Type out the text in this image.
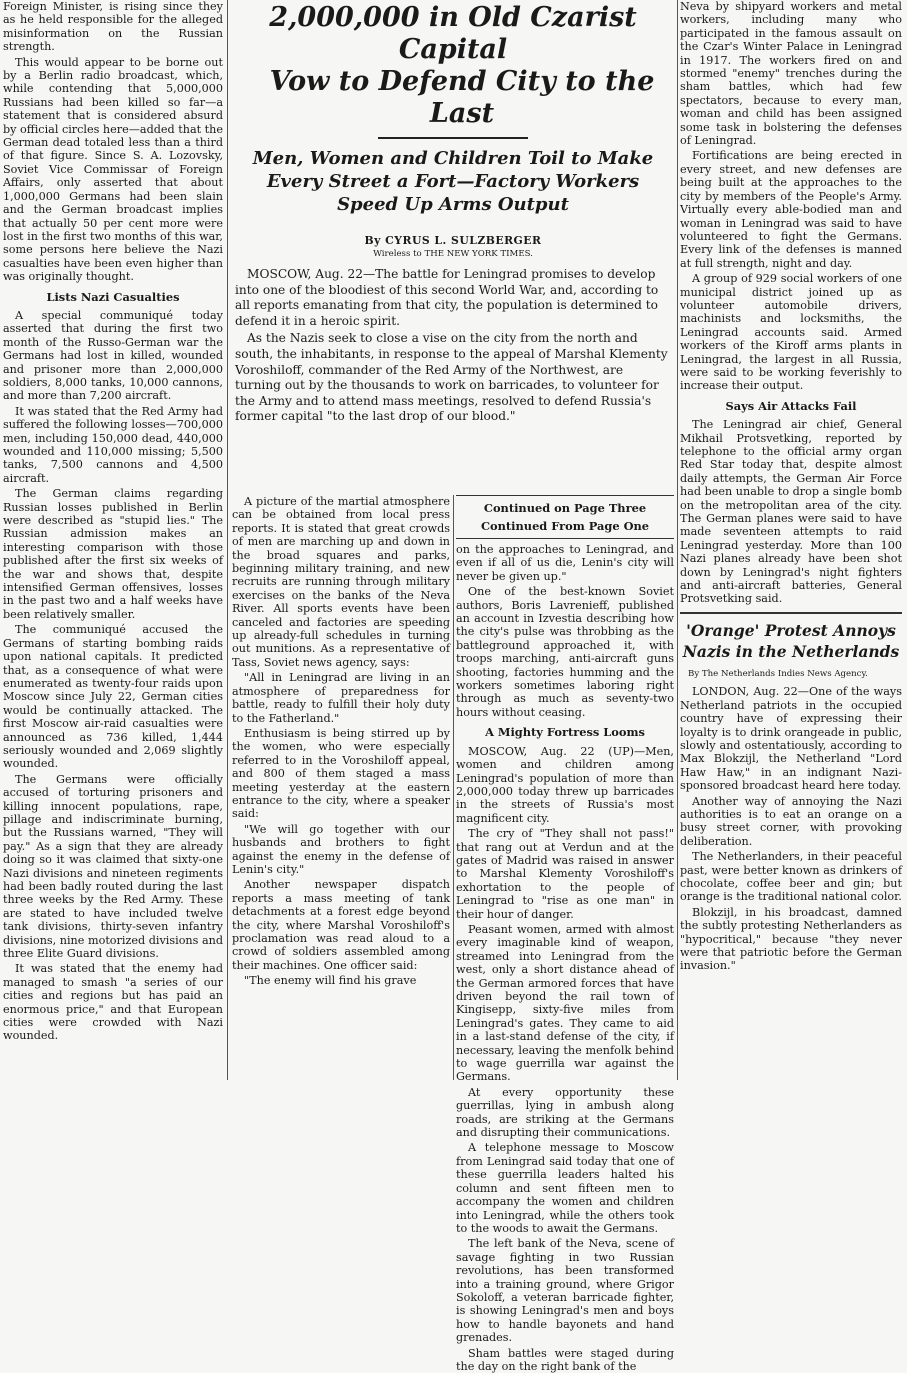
Foreign Minister, is rising since they as he held responsible for the alleged misinformation on the Russian strength.

This would appear to be borne out by a Berlin radio broadcast, which, while contending that 5,000,000 Russians had been killed so far—a statement that is considered absurd by official circles here—added that the German dead totaled less than a third of that figure. Since S. A. Lozovsky, Soviet Vice Commissar of Foreign Affairs, only asserted that about 1,000,000 Germans had been slain and the German broadcast implies that actually 50 per cent more were lost in the first two months of this war, some persons here believe the Nazi casualties have been even higher than was originally thought.

Lists Nazi Casualties

A special communiqué today asserted that during the first two month of the Russo-German war the Germans had lost in killed, wounded and prisoner more than 2,000,000 soldiers, 8,000 tanks, 10,000 cannons, and more than 7,200 aircraft.

It was stated that the Red Army had suffered the following losses—700,000 men, including 150,000 dead, 440,000 wounded and 110,000 missing; 5,500 tanks, 7,500 cannons and 4,500 aircraft.

The German claims regarding Russian losses published in Berlin were described as "stupid lies." The Russian admission makes an interesting comparison with those published after the first six weeks of the war and shows that, despite intensified German offensives, losses in the past two and a half weeks have been relatively smaller.

The communiqué accused the Germans of starting bombing raids upon national capitals. It predicted that, as a consequence of what were enumerated as twenty-four raids upon Moscow since July 22, German cities would be continually attacked. The first Moscow air-raid casualties were announced as 736 killed, 1,444 seriously wounded and 2,069 slightly wounded.

The Germans were officially accused of torturing prisoners and killing innocent populations, rape, pillage and indiscriminate burning, but the Russians warned, "They will pay." As a sign that they are already doing so it was claimed that sixty-one Nazi divisions and nineteen regiments had been badly routed during the last three weeks by the Red Army. These are stated to have included twelve tank divisions, thirty-seven infantry divisions, nine motorized divisions and three Elite Guard divisions.

It was stated that the enemy had managed to smash "a series of our cities and regions but has paid an enormous price," and that European cities were crowded with Nazi wounded.

2,000,000 in Old Czarist Capital
Vow to Defend City to the Last
Men, Women and Children Toil to Make
Every Street a Fort—Factory Workers
Speed Up Arms Output
By CYRUS L. SULZBERGER
Wireless to THE NEW YORK TIMES.

MOSCOW, Aug. 22—The battle for Leningrad promises to develop into one of the bloodiest of this second World War, and, according to all reports emanating from that city, the population is determined to defend it in a heroic spirit.

As the Nazis seek to close a vise on the city from the north and south, the inhabitants, in response to the appeal of Marshal Klementy Voroshiloff, commander of the Red Army of the Northwest, are turning out by the thousands to work on barricades, to volunteer for the Army and to attend mass meetings, resolved to defend Russia's former capital "to the last drop of our blood."

A picture of the martial atmosphere can be obtained from local press reports. It is stated that great crowds of men are marching up and down in the broad squares and parks, beginning military training, and new recruits are running through military exercises on the banks of the Neva River. All sports events have been canceled and factories are speeding up already-full schedules in turning out munitions. As a representative of Tass, Soviet news agency, says:

"All in Leningrad are living in an atmosphere of preparedness for battle, ready to fulfill their holy duty to the Fatherland."

Enthusiasm is being stirred up by the women, who were especially referred to in the Voroshiloff appeal, and 800 of them staged a mass meeting yesterday at the eastern entrance to the city, where a speaker said:

"We will go together with our husbands and brothers to fight against the enemy in the defense of Lenin's city."

Another newspaper dispatch reports a mass meeting of tank detachments at a forest edge beyond the city, where Marshal Voroshiloff's proclamation was read aloud to a crowd of soldiers assembled among their machines. One officer said:

"The enemy will find his grave

Continued on Page Three
Continued From Page One

on the approaches to Leningrad, and even if all of us die, Lenin's city will never be given up."

One of the best-known Soviet authors, Boris Lavrenieff, published an account in Izvestia describing how the city's pulse was throbbing as the battleground approached it, with troops marching, anti-aircraft guns shooting, factories humming and the workers sometimes laboring right through as much as seventy-two hours without ceasing.

A Mighty Fortress Looms

MOSCOW, Aug. 22 (UP)—Men, women and children among Leningrad's population of more than 2,000,000 today threw up barricades in the streets of Russia's most magnificent city.

The cry of "They shall not pass!" that rang out at Verdun and at the gates of Madrid was raised in answer to Marshal Klementy Voroshiloff's exhortation to the people of Leningrad to "rise as one man" in their hour of danger.

Peasant women, armed with almost every imaginable kind of weapon, streamed into Leningrad from the west, only a short distance ahead of the German armored forces that have driven beyond the rail town of Kingisepp, sixty-five miles from Leningrad's gates. They came to aid in a last-stand defense of the city, if necessary, leaving the menfolk behind to wage guerrilla war against the Germans.

At every opportunity these guerrillas, lying in ambush along roads, are striking at the Germans and disrupting their communications.

A telephone message to Moscow from Leningrad said today that one of these guerrilla leaders halted his column and sent fifteen men to accompany the women and children into Leningrad, while the others took to the woods to await the Germans.

The left bank of the Neva, scene of savage fighting in two Russian revolutions, has been transformed into a training ground, where Grigor Sokoloff, a veteran barricade fighter, is showing Leningrad's men and boys how to handle bayonets and hand grenades.

Sham battles were staged during the day on the right bank of the

Neva by shipyard workers and metal workers, including many who participated in the famous assault on the Czar's Winter Palace in Leningrad in 1917. The workers fired on and stormed "enemy" trenches during the sham battles, which had few spectators, because to every man, woman and child has been assigned some task in bolstering the defenses of Leningrad.

Fortifications are being erected in every street, and new defenses are being built at the approaches to the city by members of the People's Army. Virtually every able-bodied man and woman in Leningrad was said to have volunteered to fight the Germans. Every link of the defenses is manned at full strength, night and day.

A group of 929 social workers of one municipal district joined up as volunteer automobile drivers, machinists and locksmiths, the Leningrad accounts said. Armed workers of the Kiroff arms plants in Leningrad, the largest in all Russia, were said to be working feverishly to increase their output.

Says Air Attacks Fail

The Leningrad air chief, General Mikhail Protsvetking, reported by telephone to the official army organ Red Star today that, despite almost daily attempts, the German Air Force had been unable to drop a single bomb on the metropolitan area of the city. The German planes were said to have made seventeen attempts to raid Leningrad yesterday. More than 100 Nazi planes already have been shot down by Leningrad's night fighters and anti-aircraft batteries, General Protsvetking said.

'Orange' Protest Annoys
Nazis in the Netherlands
By The Netherlands Indies News Agency.

LONDON, Aug. 22—One of the ways Netherland patriots in the occupied country have of expressing their loyalty is to drink orangeade in public, slowly and ostentatiously, according to Max Blokzijl, the Netherland "Lord Haw Haw," in an indignant Nazi-sponsored broadcast heard here today.

Another way of annoying the Nazi authorities is to eat an orange on a busy street corner, with provoking deliberation.

The Netherlanders, in their peaceful past, were better known as drinkers of chocolate, coffee beer and gin; but orange is the traditional national color.

Blokzijl, in his broadcast, damned the subtly protesting Netherlanders as "hypocritical," because "they never were that patriotic before the German invasion."
